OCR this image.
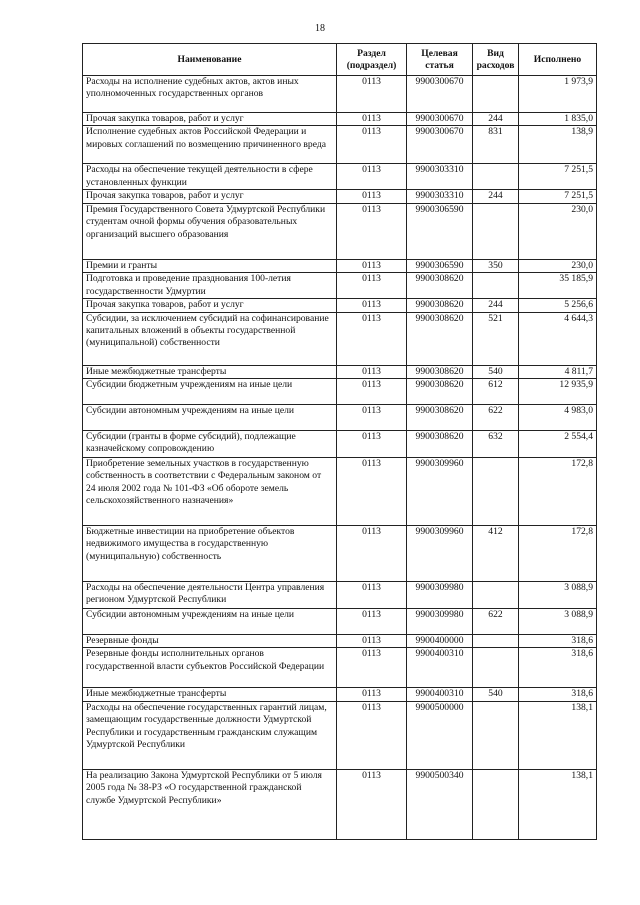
18
Наименование	Раздел (подраздел)	Целевая статья	Вид расходов	Исполнено
Расходы на исполнение судебных актов, актов иных уполномоченных государственных органов	0113	9900300670		1 973,9
Прочая закупка товаров, работ и услуг	0113	9900300670	244	1 835,0
Исполнение судебных актов Российской Федерации и мировых соглашений по возмещению причиненного вреда	0113	9900300670	831	138,9
Расходы на обеспечение текущей деятельности в сфере установленных функции	0113	9900303310		7 251,5
Прочая закупка товаров, работ и услуг	0113	9900303310	244	7 251,5
Премия Государственного Совета Удмуртской Республики студентам очной формы обучения образовательных организаций высшего образования	0113	9900306590		230,0
Премии и гранты	0113	9900306590	350	230,0
Подготовка и проведение празднования 100-летия государственности Удмуртии	0113	9900308620		35 185,9
Прочая закупка товаров, работ и услуг	0113	9900308620	244	5 256,6
Субсидии, за исключением субсидий на софинансирование капитальных вложений в объекты государственной (муниципальной) собственности	0113	9900308620	521	4 644,3
Иные межбюджетные трансферты	0113	9900308620	540	4 811,7
Субсидии бюджетным учреждениям на иные цели	0113	9900308620	612	12 935,9
Субсидии автономным учреждениям на иные цели	0113	9900308620	622	4 983,0
Субсидии (гранты в форме субсидий), подлежащие казначейскому сопровождению	0113	9900308620	632	2 554,4
Приобретение земельных участков в государственную собственность в соответствии с Федеральным законом от 24 июля 2002 года № 101-ФЗ «Об обороте земель сельскохозяйственного назначения»	0113	9900309960		172,8
Бюджетные инвестиции на приобретение объектов недвижимого имущества в государственную (муниципальную) собственность	0113	9900309960	412	172,8
Расходы на обеспечение деятельности Центра управления регионом Удмуртской Республики	0113	9900309980		3 088,9
Субсидии автономным учреждениям на иные цели	0113	9900309980	622	3 088,9
Резервные фонды	0113	9900400000		318,6
Резервные фонды исполнительных органов государственной власти субъектов Российской Федерации	0113	9900400310		318,6
Иные межбюджетные трансферты	0113	9900400310	540	318,6
Расходы на обеспечение государственных гарантий лицам, замещающим государственные должности Удмуртской Республики и государственным гражданским служащим Удмуртской Республики	0113	9900500000		138,1
На реализацию Закона Удмуртской Республики от 5 июля 2005 года № 38-РЗ «О государственной гражданской службе Удмуртской Республики»	0113	9900500340		138,1
